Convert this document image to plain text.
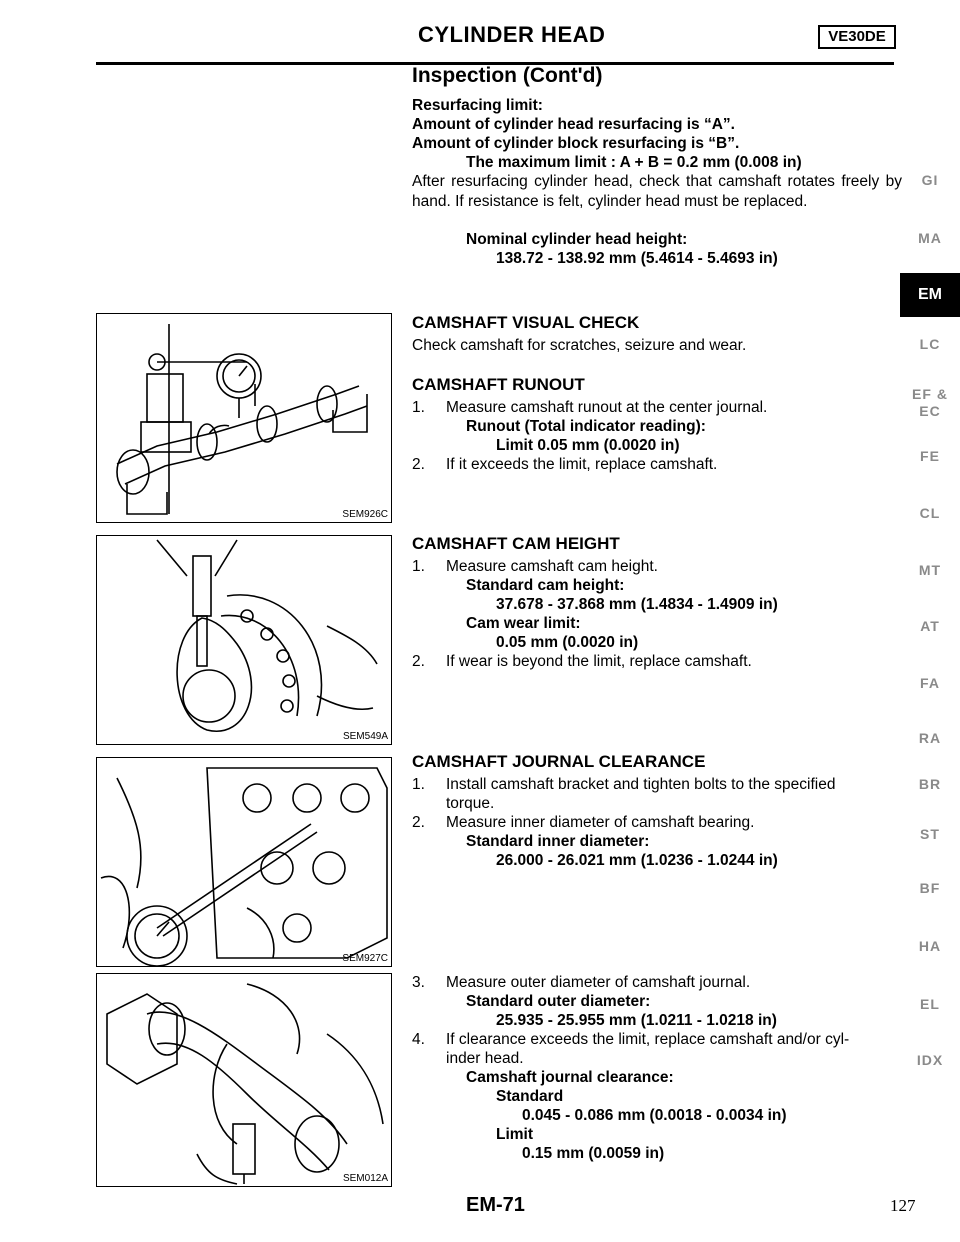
CYLINDER HEAD	VE30DE
Inspection (Cont'd)
Resurfacing limit:
Amount of cylinder head resurfacing is “A”.
Amount of cylinder block resurfacing is “B”.
The maximum limit : A + B = 0.2 mm (0.008 in)
After resurfacing cylinder head, check that camshaft rotates freely by hand. If resistance is felt, cylinder head must be replaced.
Nominal cylinder head height:
138.72 - 138.92 mm (5.4614 - 5.4693 in)
CAMSHAFT VISUAL CHECK
Check camshaft for scratches, seizure and wear.
CAMSHAFT RUNOUT
1. Measure camshaft runout at the center journal.
Runout (Total indicator reading):
Limit 0.05 mm (0.0020 in)
2. If it exceeds the limit, replace camshaft.
CAMSHAFT CAM HEIGHT
1. Measure camshaft cam height.
Standard cam height:
37.678 - 37.868 mm (1.4834 - 1.4909 in)
Cam wear limit:
0.05 mm (0.0020 in)
2. If wear is beyond the limit, replace camshaft.
CAMSHAFT JOURNAL CLEARANCE
1. Install camshaft bracket and tighten bolts to the specified
torque.
2. Measure inner diameter of camshaft bearing.
Standard inner diameter:
26.000 - 26.021 mm (1.0236 - 1.0244 in)
3. Measure outer diameter of camshaft journal.
Standard outer diameter:
25.935 - 25.955 mm (1.0211 - 1.0218 in)
4. If clearance exceeds the limit, replace camshaft and/or cyl-
inder head.
Camshaft journal clearance:
Standard
0.045 - 0.086 mm (0.0018 - 0.0034 in)
Limit
0.15 mm (0.0059 in)
SEM926C
SEM549A
SEM927C
SEM012A
GI
MA
EM
LC
EF &
EC
FE
CL
MT
AT
FA
RA
BR
ST
BF
HA
EL
IDX
EM-71	127
